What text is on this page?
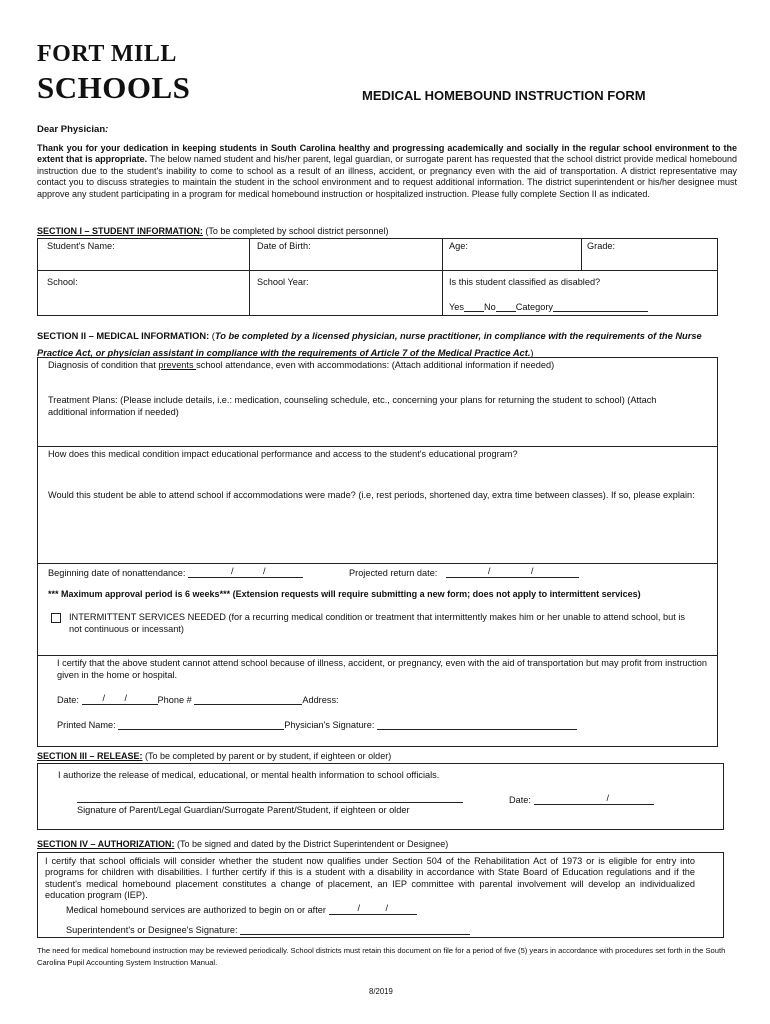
FORT MILL
SCHOOLS	MEDICAL HOMEBOUND INSTRUCTION FORM
Dear Physician:
Thank you for your dedication in keeping students in South Carolina healthy and progressing academically and socially in the regular school environment to the extent that is appropriate. The below named student and his/her parent, legal guardian, or surrogate parent has requested that the school district provide medical homebound instruction due to the student's inability to come to school as a result of an illness, accident, or pregnancy even with the aid of transportation. A district representative may contact you to discuss strategies to maintain the student in the school environment and to request additional information. The district superintendent or his/her designee must approve any student participating in a program for medical homebound instruction or hospitalized instruction. Please fully complete Section II as indicated.
SECTION I – STUDENT INFORMATION: (To be completed by school district personnel)
Student's Name:	Date of Birth:	Age:	Grade:
School:	School Year:	Is this student classified as disabled?
Yes No Category
SECTION II – MEDICAL INFORMATION: (To be completed by a licensed physician, nurse practitioner, in compliance with the requirements of the Nurse Practice Act, or physician assistant in compliance with the requirements of Article 7 of the Medical Practice Act.)
Diagnosis of condition that prevents school attendance, even with accommodations: (Attach additional information if needed)
Treatment Plans: (Please include details, i.e.: medication, counseling schedule, etc., concerning your plans for returning the student to school) (Attach additional information if needed)
How does this medical condition impact educational performance and access to the student's educational program?
Would this student be able to attend school if accommodations were made? (i.e, rest periods, shortened day, extra time between classes). If so, please explain:
Beginning date of nonattendance:	/	/	Projected return date:	/	/
*** Maximum approval period is 6 weeks*** (Extension requests will require submitting a new form; does not apply to intermittent services)
INTERMITTENT SERVICES NEEDED (for a recurring medical condition or treatment that intermittently makes him or her unable to attend school, but is not continuous or incessant)
I certify that the above student cannot attend school because of illness, accident, or pregnancy, even with the aid of transportation but may profit from instruction given in the home or hospital.
Date:	/ /	Phone #	Address:
Printed Name:	Physician's Signature:
SECTION III – RELEASE: (To be completed by parent or by student, if eighteen or older)
I authorize the release of medical, educational, or mental health information to school officials.
Signature of Parent/Legal Guardian/Surrogate Parent/Student, if eighteen or older
Date:	/
SECTION IV – AUTHORIZATION: (To be signed and dated by the District Superintendent or Designee)
I certify that school officials will consider whether the student now qualifies under Section 504 of the Rehabilitation Act of 1973 or is eligible for entry into programs for children with disabilities. I further certify if this is a student with a disability in accordance with State Board of Education regulations and if the student's medical homebound placement constitutes a change of placement, an IEP committee with parental involvement will develop an individualized education program (IEP).
Medical homebound services are authorized to begin on or after	/	/
Superintendent's or Designee's Signature:
The need for medical homebound instruction may be reviewed periodically. School districts must retain this document on file for a period of five (5) years in accordance with procedures set forth in the South Carolina Pupil Accounting System Instruction Manual.
8/2019
